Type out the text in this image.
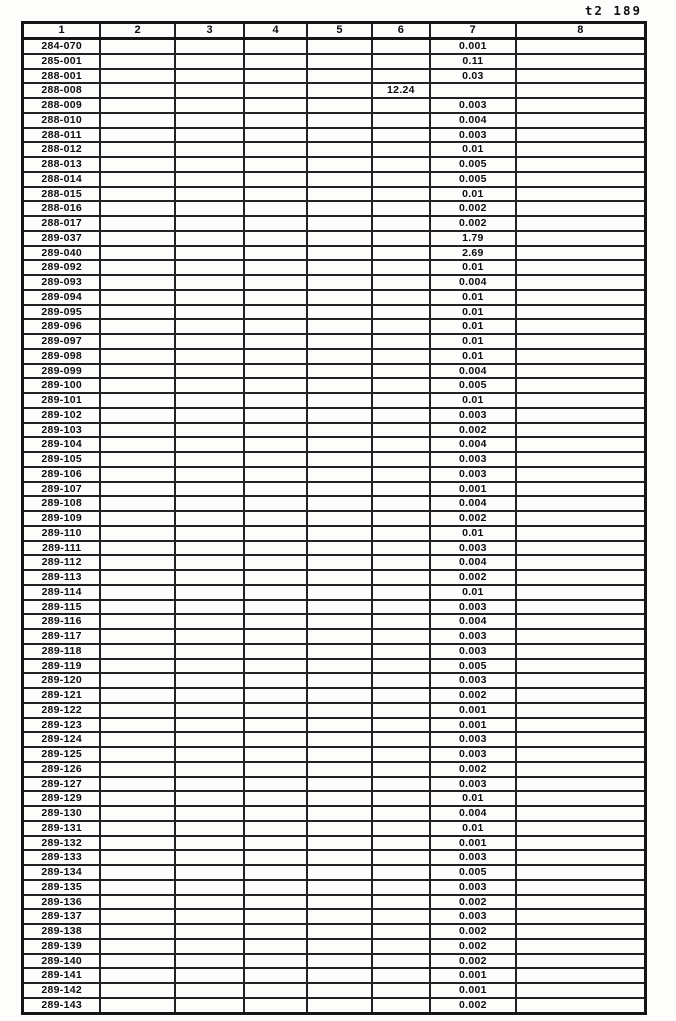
t2 189
1	2	3	4	5	6	7	8
284-070						0.001	
285-001						0.11	
288-001						0.03	
288-008					12.24		
288-009						0.003	
288-010						0.004	
288-011						0.003	
288-012						0.01	
288-013						0.005	
288-014						0.005	
288-015						0.01	
288-016						0.002	
288-017						0.002	
289-037						1.79	
289-040						2.69	
289-092						0.01	
289-093						0.004	
289-094						0.01	
289-095						0.01	
289-096						0.01	
289-097						0.01	
289-098						0.01	
289-099						0.004	
289-100						0.005	
289-101						0.01	
289-102						0.003	
289-103						0.002	
289-104						0.004	
289-105						0.003	
289-106						0.003	
289-107						0.001	
289-108						0.004	
289-109						0.002	
289-110						0.01	
289-111						0.003	
289-112						0.004	
289-113						0.002	
289-114						0.01	
289-115						0.003	
289-116						0.004	
289-117						0.003	
289-118						0.003	
289-119						0.005	
289-120						0.003	
289-121						0.002	
289-122						0.001	
289-123						0.001	
289-124						0.003	
289-125						0.003	
289-126						0.002	
289-127						0.003	
289-129						0.01	
289-130						0.004	
289-131						0.01	
289-132						0.001	
289-133						0.003	
289-134						0.005	
289-135						0.003	
289-136						0.002	
289-137						0.003	
289-138						0.002	
289-139						0.002	
289-140						0.002	
289-141						0.001	
289-142						0.001	
289-143						0.002	
